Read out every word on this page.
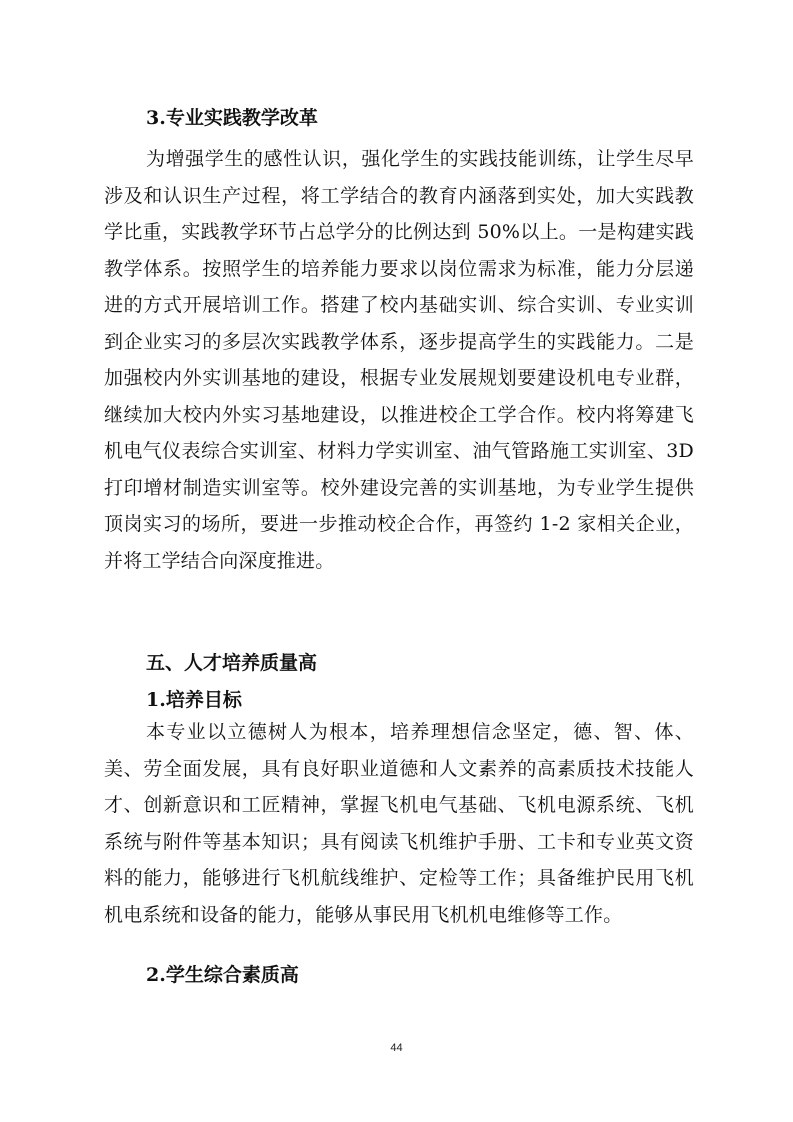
3.专业实践教学改革

为增强学生的感性认识，强化学生的实践技能训练，让学生尽早涉及和认识生产过程，将工学结合的教育内涵落到实处，加大实践教学比重，实践教学环节占总学分的比例达到 50%以上。一是构建实践教学体系。按照学生的培养能力要求以岗位需求为标准，能力分层递进的方式开展培训工作。搭建了校内基础实训、综合实训、专业实训到企业实习的多层次实践教学体系，逐步提高学生的实践能力。二是加强校内外实训基地的建设，根据专业发展规划要建设机电专业群，继续加大校内外实习基地建设，以推进校企工学合作。校内将筹建飞机电气仪表综合实训室、材料力学实训室、油气管路施工实训室、3D 打印增材制造实训室等。校外建设完善的实训基地，为专业学生提供顶岗实习的场所，要进一步推动校企合作，再签约 1-2 家相关企业，并将工学结合向深度推进。

五、人才培养质量高
1.培养目标

本专业以立德树人为根本，培养理想信念坚定，德、智、体、美、劳全面发展，具有良好职业道德和人文素养的高素质技术技能人才、创新意识和工匠精神，掌握飞机电气基础、飞机电源系统、飞机系统与附件等基本知识；具有阅读飞机维护手册、工卡和专业英文资料的能力，能够进行飞机航线维护、定检等工作；具备维护民用飞机机电系统和设备的能力，能够从事民用飞机机电维修等工作。

2.学生综合素质高
44
